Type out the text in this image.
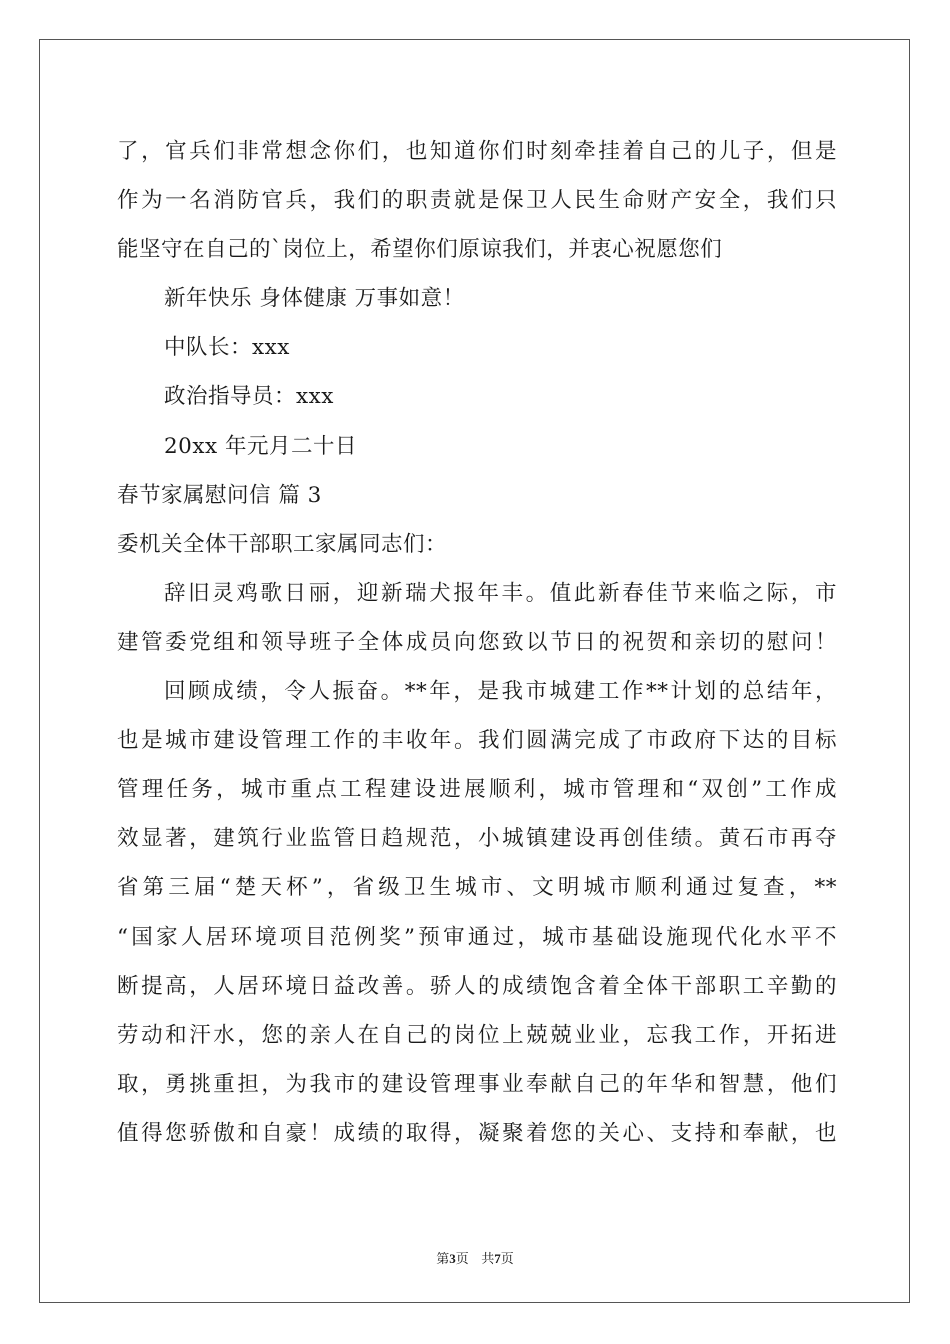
了，官兵们非常想念你们，也知道你们时刻牵挂着自己的儿子，但是
作为一名消防官兵，我们的职责就是保卫人民生命财产安全，我们只
能坚守在自己的`岗位上，希望你们原谅我们，并衷心祝愿您们
新年快乐 身体健康 万事如意！
中队长：xxx
政治指导员：xxx
20xx 年元月二十日
春节家属慰问信 篇 3
委机关全体干部职工家属同志们：
辞旧灵鸡歌日丽，迎新瑞犬报年丰。值此新春佳节来临之际，市
建管委党组和领导班子全体成员向您致以节日的祝贺和亲切的慰问！
回顾成绩，令人振奋。**年，是我市城建工作**计划的总结年，
也是城市建设管理工作的丰收年。我们圆满完成了市政府下达的目标
管理任务，城市重点工程建设进展顺利，城市管理和“双创”工作成
效显著，建筑行业监管日趋规范，小城镇建设再创佳绩。黄石市再夺
省第三届“楚天杯”，省级卫生城市、文明城市顺利通过复查，**
“国家人居环境项目范例奖”预审通过，城市基础设施现代化水平不
断提高，人居环境日益改善。骄人的成绩饱含着全体干部职工辛勤的
劳动和汗水，您的亲人在自己的岗位上兢兢业业，忘我工作，开拓进
取，勇挑重担，为我市的建设管理事业奉献自己的年华和智慧，他们
值得您骄傲和自豪！成绩的取得，凝聚着您的关心、支持和奉献，也
第3页 共7页
